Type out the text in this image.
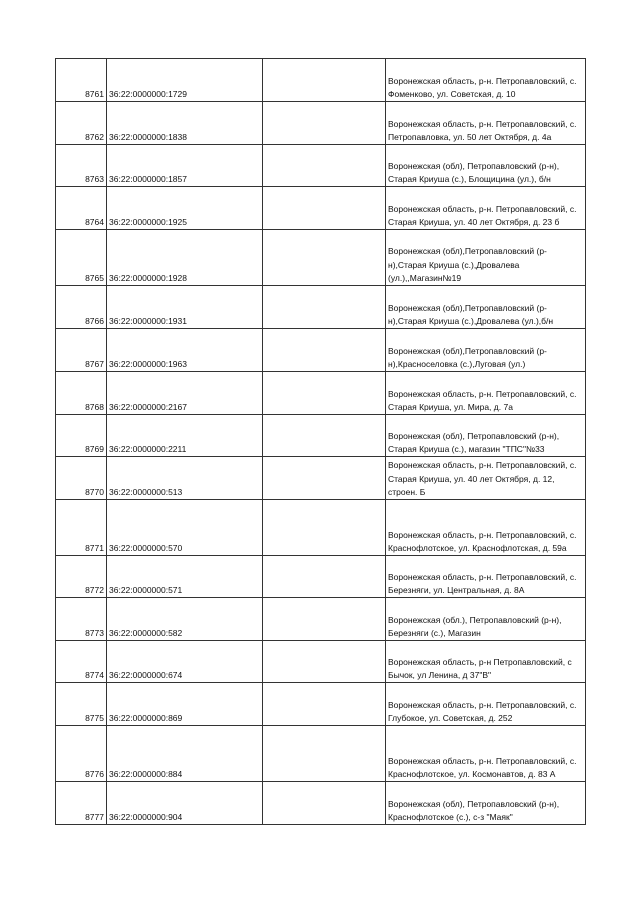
8761	36:22:0000000:1729		Воронежская область, р-н. Петропавловский, с. Фоменково, ул. Советская, д. 10
8762	36:22:0000000:1838		Воронежская область, р-н. Петропавловский, с. Петропавловка, ул. 50 лет Октября, д. 4а
8763	36:22:0000000:1857		Воронежская (обл), Петропавловский (р-н), Старая Криуша (с.), Блощицина (ул.), б/н
8764	36:22:0000000:1925		Воронежская область, р-н. Петропавловский, с. Старая Криуша, ул. 40 лет Октября, д. 23 б
8765	36:22:0000000:1928		Воронежская (обл),Петропавловский (р-н),Старая Криуша (с.),Дровалева (ул.),,Магазин№19
8766	36:22:0000000:1931		Воронежская (обл),Петропавловский (р-н),Старая Криуша (с.),Дровалева (ул.),б/н
8767	36:22:0000000:1963		Воронежская (обл),Петропавловский (р-н),Красноселовка (с.),Луговая (ул.)
8768	36:22:0000000:2167		Воронежская область, р-н. Петропавловский, с. Старая Криуша, ул. Мира, д. 7а
8769	36:22:0000000:2211		Воронежская (обл), Петропавловский (р-н), Старая Криуша (с.), магазин "ТПС"№33
8770	36:22:0000000:513		Воронежская область, р-н. Петропавловский, с. Старая Криуша, ул. 40 лет Октября, д. 12, строен. Б
8771	36:22:0000000:570		Воронежская область, р-н. Петропавловский, с. Краснофлотское, ул. Краснофлотская, д. 59а
8772	36:22:0000000:571		Воронежская область, р-н. Петропавловский, с. Березняги, ул. Центральная, д. 8А
8773	36:22:0000000:582		Воронежская (обл.), Петропавловский (р-н), Березняги (с.), Магазин
8774	36:22:0000000:674		Воронежская область, р-н Петропавловский, с Бычок, ул Ленина, д 37"В"
8775	36:22:0000000:869		Воронежская область, р-н. Петропавловский, с. Глубокое, ул. Советская, д. 252
8776	36:22:0000000:884		Воронежская область, р-н. Петропавловский, с. Краснофлотское, ул. Космонавтов, д. 83 А
8777	36:22:0000000:904		Воронежская (обл), Петропавловский (р-н), Краснофлотское (с.), с-з "Маяк"
